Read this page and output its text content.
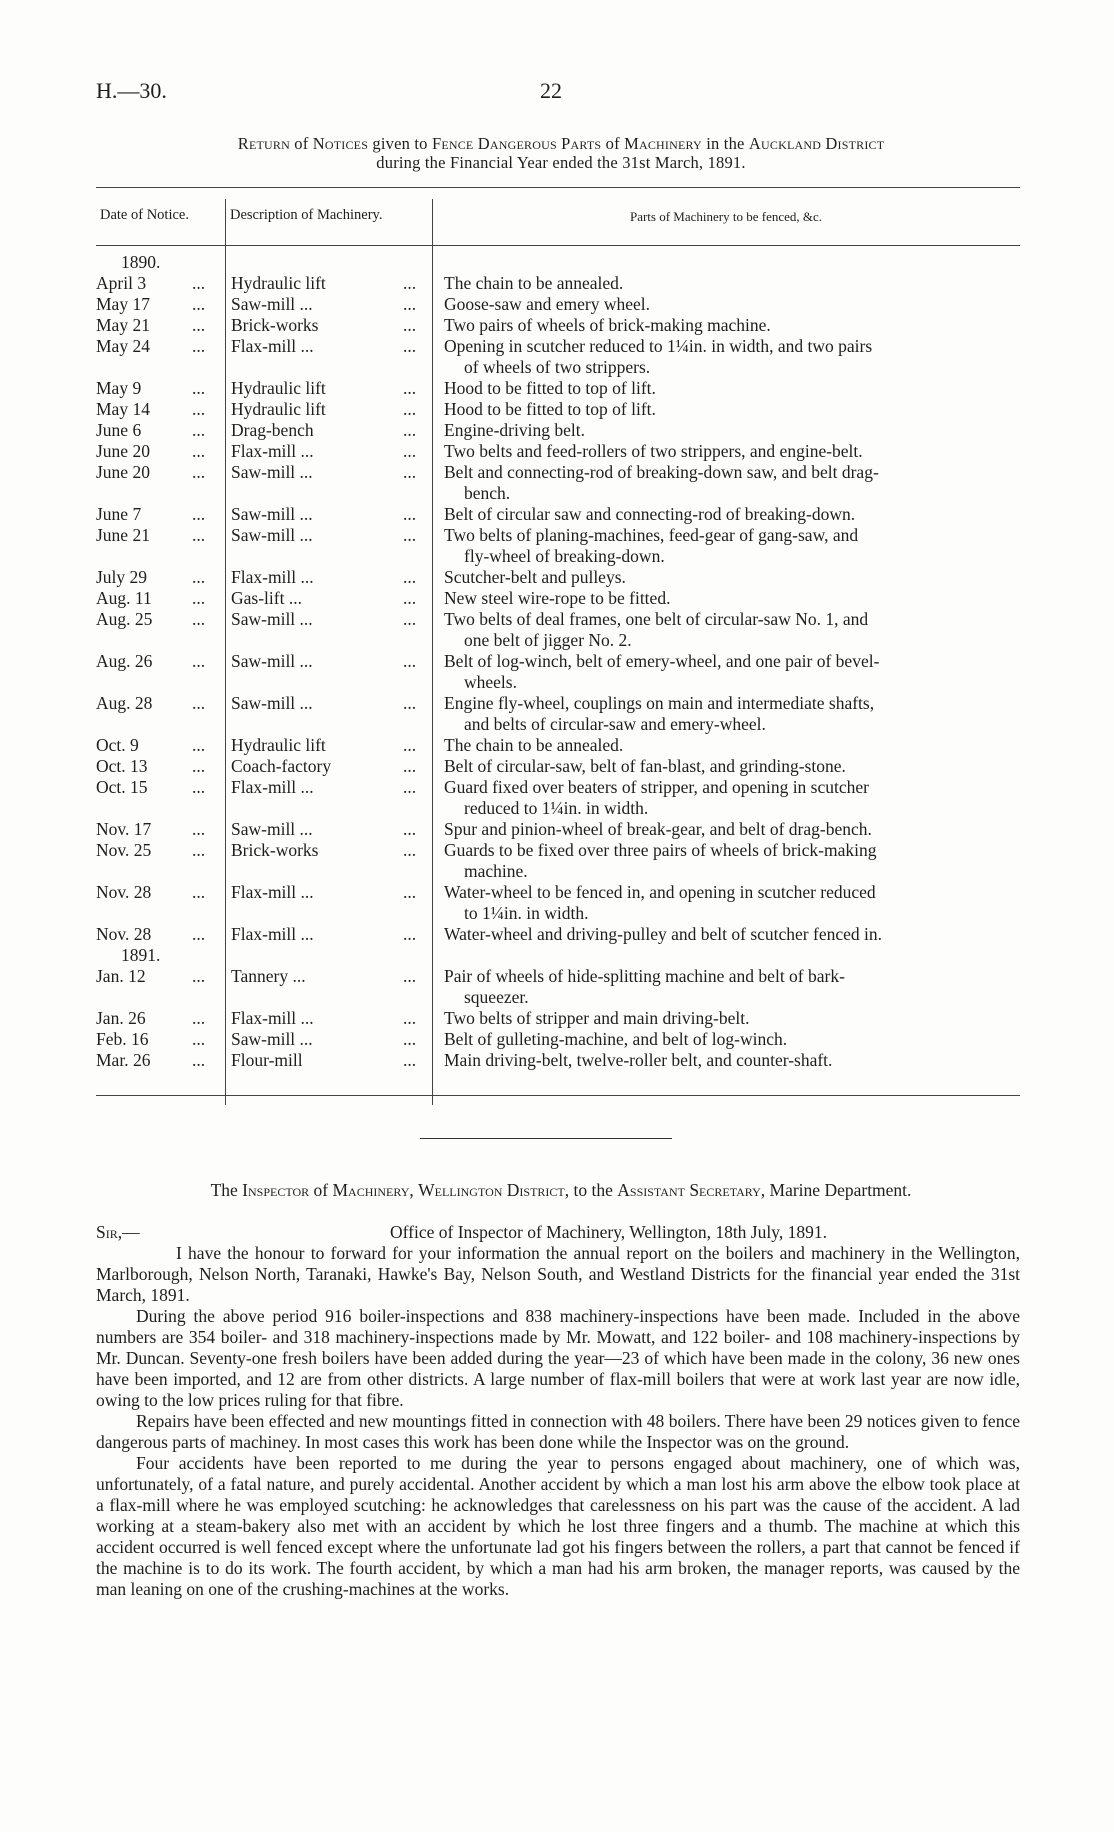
H.—30.	22
Return of Notices given to Fence Dangerous Parts of Machinery in the Auckland District
during the Financial Year ended the 31st March, 1891.
Date of Notice.	Description of Machinery.	Parts of Machinery to be fenced, &c.
1890.
April 3	...	Hydraulic lift	...	The chain to be annealed.
May 17	...	Saw-mill ...	...	Goose-saw and emery wheel.
May 21	...	Brick-works	...	Two pairs of wheels of brick-making machine.
May 24	...	Flax-mill ...	...	Opening in scutcher reduced to 1¼in. in width, and two pairs
of wheels of two strippers.
May 9	...	Hydraulic lift	...	Hood to be fitted to top of lift.
May 14	...	Hydraulic lift	...	Hood to be fitted to top of lift.
June 6	...	Drag-bench	...	Engine-driving belt.
June 20	...	Flax-mill ...	...	Two belts and feed-rollers of two strippers, and engine-belt.
June 20	...	Saw-mill ...	...	Belt and connecting-rod of breaking-down saw, and belt drag-
bench.
June 7	...	Saw-mill ...	...	Belt of circular saw and connecting-rod of breaking-down.
June 21	...	Saw-mill ...	...	Two belts of planing-machines, feed-gear of gang-saw, and
fly-wheel of breaking-down.
July 29	...	Flax-mill ...	...	Scutcher-belt and pulleys.
Aug. 11	...	Gas-lift ...	...	New steel wire-rope to be fitted.
Aug. 25	...	Saw-mill ...	...	Two belts of deal frames, one belt of circular-saw No. 1, and
one belt of jigger No. 2.
Aug. 26	...	Saw-mill ...	...	Belt of log-winch, belt of emery-wheel, and one pair of bevel-
wheels.
Aug. 28	...	Saw-mill ...	...	Engine fly-wheel, couplings on main and intermediate shafts,
and belts of circular-saw and emery-wheel.
Oct. 9	...	Hydraulic lift	...	The chain to be annealed.
Oct. 13	...	Coach-factory	...	Belt of circular-saw, belt of fan-blast, and grinding-stone.
Oct. 15	...	Flax-mill ...	...	Guard fixed over beaters of stripper, and opening in scutcher
reduced to 1¼in. in width.
Nov. 17	...	Saw-mill ...	...	Spur and pinion-wheel of break-gear, and belt of drag-bench.
Nov. 25	...	Brick-works	...	Guards to be fixed over three pairs of wheels of brick-making
machine.
Nov. 28	...	Flax-mill ...	...	Water-wheel to be fenced in, and opening in scutcher reduced
to 1¼in. in width.
Nov. 28	...	Flax-mill ...	...	Water-wheel and driving-pulley and belt of scutcher fenced in.
1891.
Jan. 12	...	Tannery ...	...	Pair of wheels of hide-splitting machine and belt of bark-
squeezer.
Jan. 26	...	Flax-mill ...	...	Two belts of stripper and main driving-belt.
Feb. 16	...	Saw-mill ...	...	Belt of gulleting-machine, and belt of log-winch.
Mar. 26	...	Flour-mill	...	Main driving-belt, twelve-roller belt, and counter-shaft.
The Inspector of Machinery, Wellington District, to the Assistant Secretary, Marine Department.
Sir,—	Office of Inspector of Machinery, Wellington, 18th July, 1891.

I have the honour to forward for your information the annual report on the boilers and machinery in the Wellington, Marlborough, Nelson North, Taranaki, Hawke's Bay, Nelson South, and Westland Districts for the financial year ended the 31st March, 1891.

During the above period 916 boiler-inspections and 838 machinery-inspections have been made. Included in the above numbers are 354 boiler- and 318 machinery-inspections made by Mr. Mowatt, and 122 boiler- and 108 machinery-inspections by Mr. Duncan. Seventy-one fresh boilers have been added during the year—23 of which have been made in the colony, 36 new ones have been imported, and 12 are from other districts. A large number of flax-mill boilers that were at work last year are now idle, owing to the low prices ruling for that fibre.

Repairs have been effected and new mountings fitted in connection with 48 boilers. There have been 29 notices given to fence dangerous parts of machiney. In most cases this work has been done while the Inspector was on the ground.

Four accidents have been reported to me during the year to persons engaged about machinery, one of which was, unfortunately, of a fatal nature, and purely accidental. Another accident by which a man lost his arm above the elbow took place at a flax-mill where he was employed scutching: he acknowledges that carelessness on his part was the cause of the accident. A lad working at a steam-bakery also met with an accident by which he lost three fingers and a thumb. The machine at which this accident occurred is well fenced except where the unfortunate lad got his fingers between the rollers, a part that cannot be fenced if the machine is to do its work. The fourth accident, by which a man had his arm broken, the manager reports, was caused by the man leaning on one of the crushing-machines at the works.
